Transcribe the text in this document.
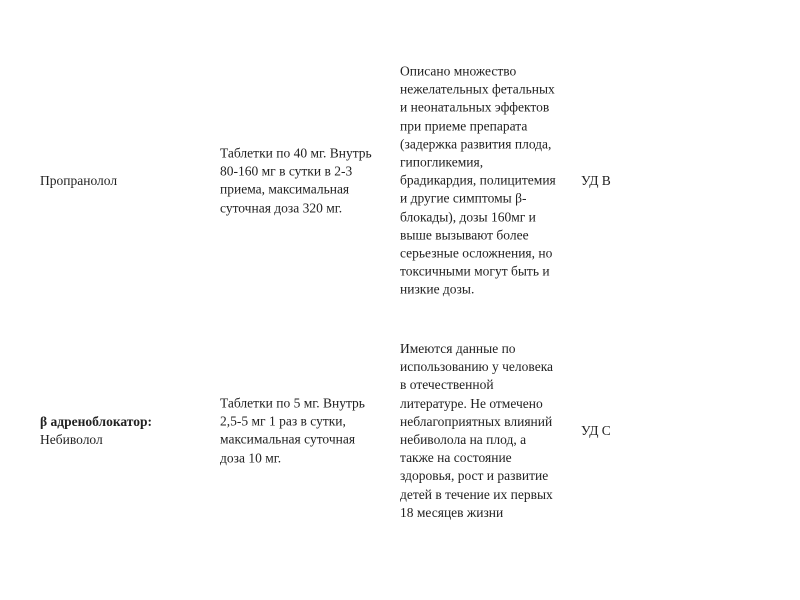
Пропранолол
Таблетки по 40 мг. Внутрь
80-160 мг в сутки в 2-3
приема, максимальная
суточная доза 320 мг.
Описано множество
нежелательных фетальных
и неонатальных эффектов
при приеме препарата
(задержка развития плода,
гипогликемия,
брадикардия, полицитемия
и другие симптомы β-
блокады), дозы 160мг и
выше вызывают более
серьезные осложнения, но
токсичными могут быть и
низкие дозы.
УД В
β адреноблокатор:
Небиволол
Таблетки по 5 мг. Внутрь
2,5-5 мг 1 раз в сутки,
максимальная суточная
доза 10 мг.
Имеются данные по
использованию у человека
в отечественной
литературе. Не отмечено
неблагоприятных влияний
небиволола на плод, а
также на состояние
здоровья, рост и развитие
детей в течение их первых
18 месяцев жизни
УД С
